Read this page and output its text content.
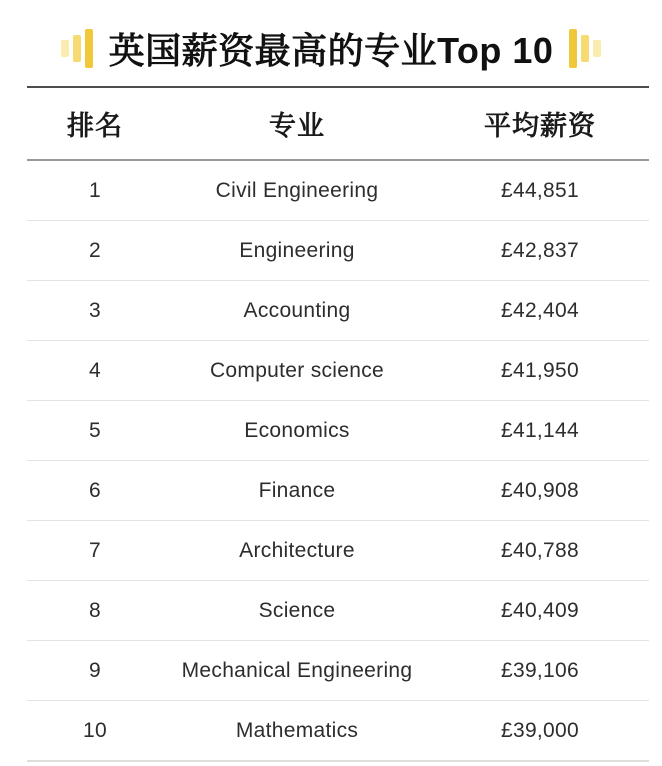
英国薪资最高的专业Top 10
排名	专业	平均薪资
1	Civil Engineering	£44,851
2	Engineering	£42,837
3	Accounting	£42,404
4	Computer science	£41,950
5	Economics	£41,144
6	Finance	£40,908
7	Architecture	£40,788
8	Science	£40,409
9	Mechanical Engineering	£39,106
10	Mathematics	£39,000
